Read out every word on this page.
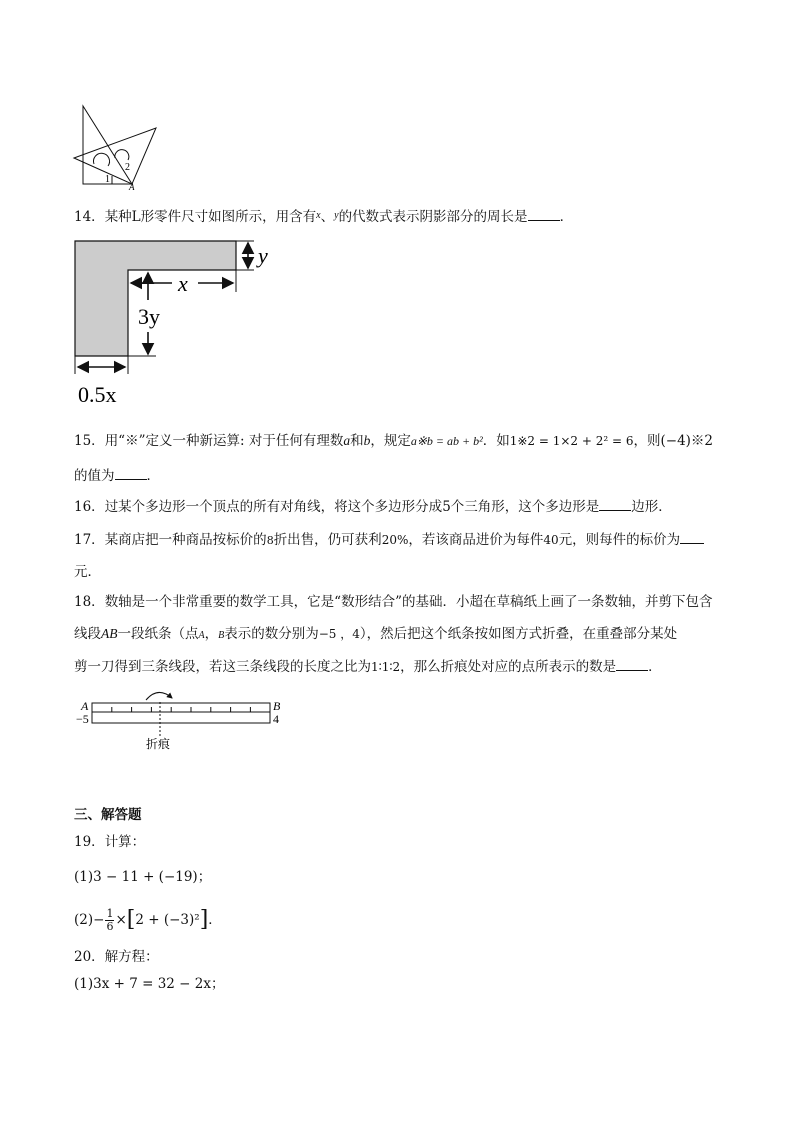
1
2
A
14．某种L形零件尺寸如图所示，用含有$^x$、$^y$的代数式表示阴影部分的周长是 ．
y
x
3y
0.5x
15．用“※”定义一种新运算: 对于任何有理数a和b，规定a※b = ab + b²．如1※2 = 1×2 + 2² = 6，则(−4)※2
的值为 ．
16．过某个多边形一个顶点的所有对角线，将这个多边形分成5个三角形，这个多边形是 边形．
17．某商店把一种商品按标价的8折出售，仍可获利20%，若该商品进价为每件40元，则每件的标价为
元．
18．数轴是一个非常重要的数学工具，它是“数形结合”的基础．小超在草稿纸上画了一条数轴，并剪下包含
线段AB一段纸条（点A，B表示的数分别为−5 ，4），然后把这个纸条按如图方式折叠，在重叠部分某处
剪一刀得到三条线段，若这三条线段的长度之比为1∶1∶2，那么折痕处对应的点所表示的数是 ．
A
−5
B
4
折痕
三、解答题
19．计算：
(1)3 − 11 + (−19)；
$(2)- \frac{1}{6}$ × [ 2 + (−3)² ] ．
20．解方程：
(1)3x + 7 = 32 − 2x；
